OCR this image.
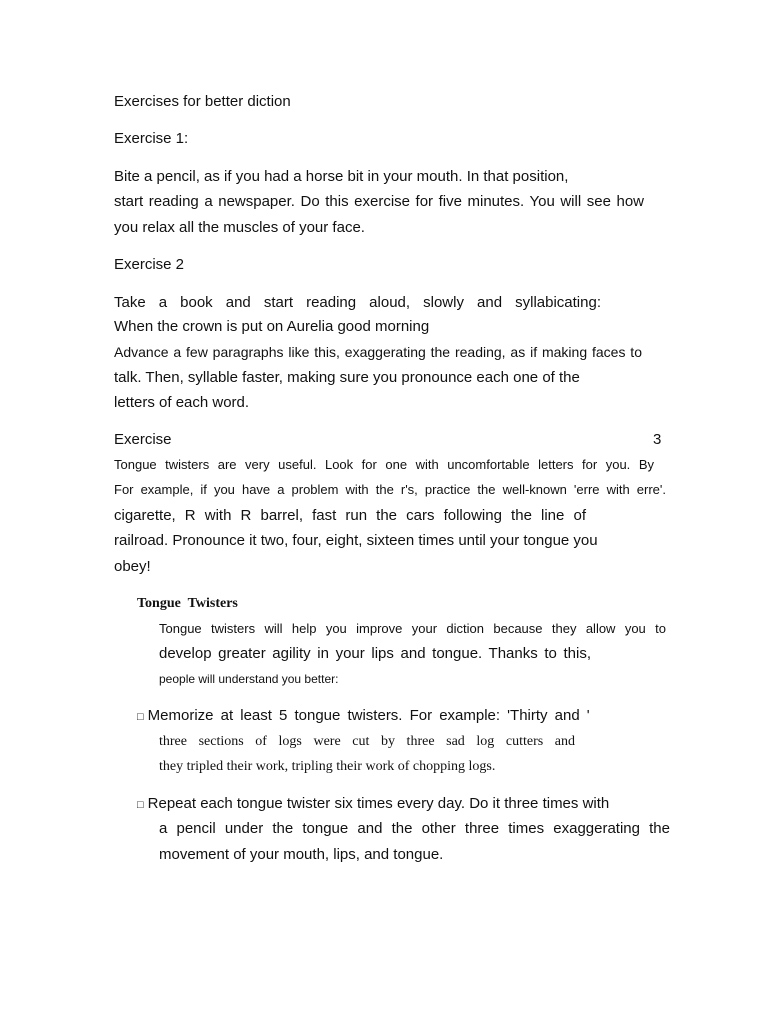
Exercises for better diction
Exercise 1:
Bite a pencil, as if you had a horse bit in your mouth. In that position,
start reading a newspaper. Do this exercise for five minutes. You will see how
you relax all the muscles of your face.
Exercise 2
Take a book and start reading aloud, slowly and syllabicating:
When the crown is put on Aurelia good morning
Advance a few paragraphs like this, exaggerating the reading, as if making faces to
talk. Then, syllable faster, making sure you pronounce each one of the
letters of each word.
Exercise	3
Tongue twisters are very useful. Look for one with uncomfortable letters for you. By
For example, if you have a problem with the r's, practice the well-known 'erre with erre'.
cigarette, R with R barrel, fast run the cars following the line of
railroad. Pronounce it two, four, eight, sixteen times until your tongue you
obey!
Tongue  Twisters
Tongue twisters will help you improve your diction because they allow you to
develop greater agility in your lips and tongue. Thanks to this,
people will understand you better:
□ Memorize at least 5 tongue twisters. For example: 'Thirty and '
three sections of logs were cut by three sad log cutters and
they tripled their work, tripling their work of chopping logs.
□ Repeat each tongue twister six times every day. Do it three times with
a pencil under the tongue and the other three times exaggerating the
movement of your mouth, lips, and tongue.
